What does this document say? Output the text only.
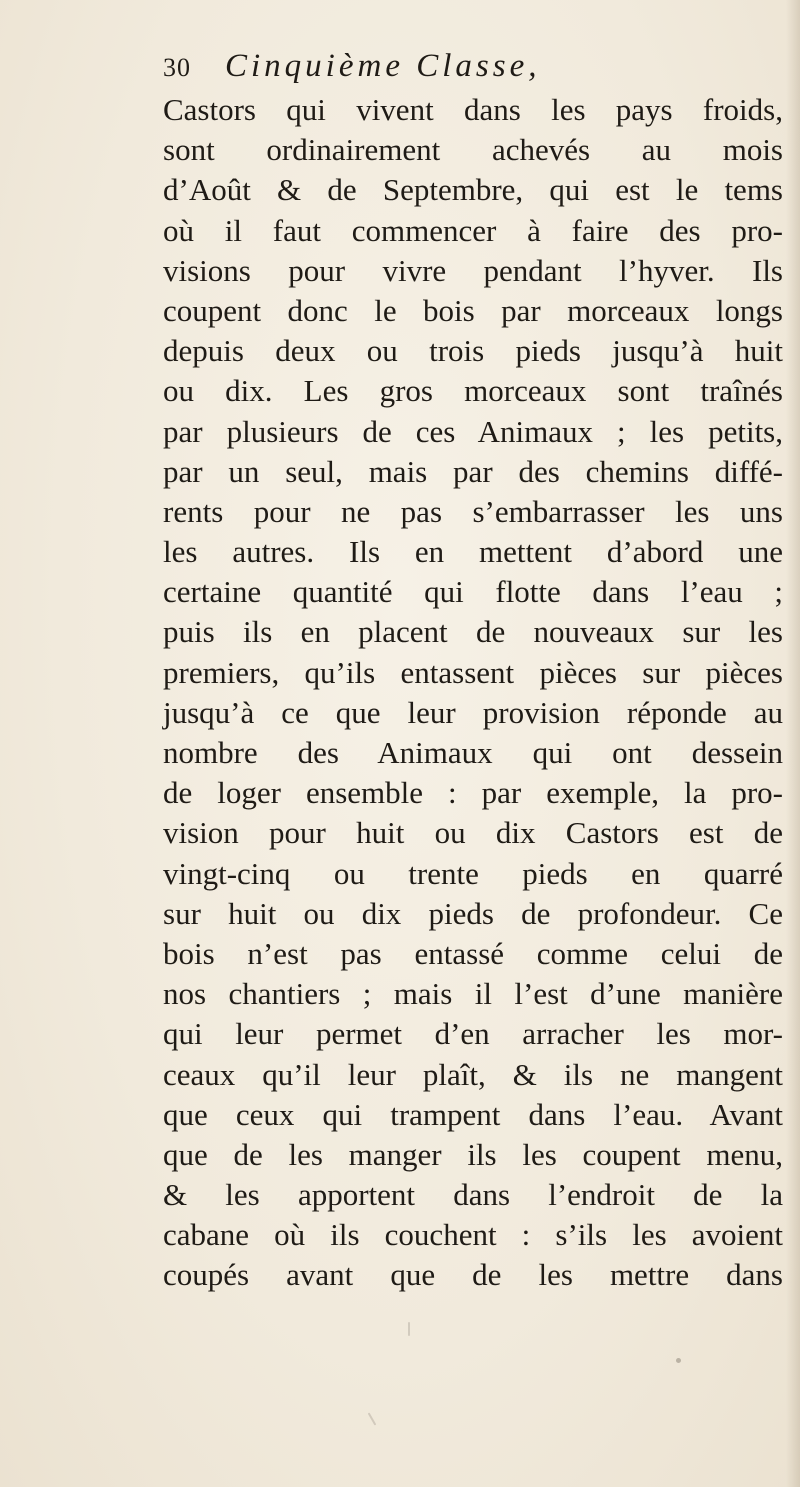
30 Cinquième Classe,
Castors qui vivent dans les pays froids,
sont ordinairement achevés au mois
d’Août & de Septembre, qui est le tems
où il faut commencer à faire des pro-
visions pour vivre pendant l’hyver. Ils
coupent donc le bois par morceaux longs
depuis deux ou trois pieds jusqu’à huit
ou dix. Les gros morceaux sont traînés
par plusieurs de ces Animaux ; les petits,
par un seul, mais par des chemins diffé-
rents pour ne pas s’embarrasser les uns
les autres. Ils en mettent d’abord une
certaine quantité qui flotte dans l’eau ;
puis ils en placent de nouveaux sur les
premiers, qu’ils entassent pièces sur pièces
jusqu’à ce que leur provision réponde au
nombre des Animaux qui ont dessein
de loger ensemble : par exemple, la pro-
vision pour huit ou dix Castors est de
vingt-cinq ou trente pieds en quarré
sur huit ou dix pieds de profondeur. Ce
bois n’est pas entassé comme celui de
nos chantiers ; mais il l’est d’une manière
qui leur permet d’en arracher les mor-
ceaux qu’il leur plaît, & ils ne mangent
que ceux qui trampent dans l’eau. Avant
que de les manger ils les coupent menu,
& les apportent dans l’endroit de la
cabane où ils couchent : s’ils les avoient
coupés avant que de les mettre dans
